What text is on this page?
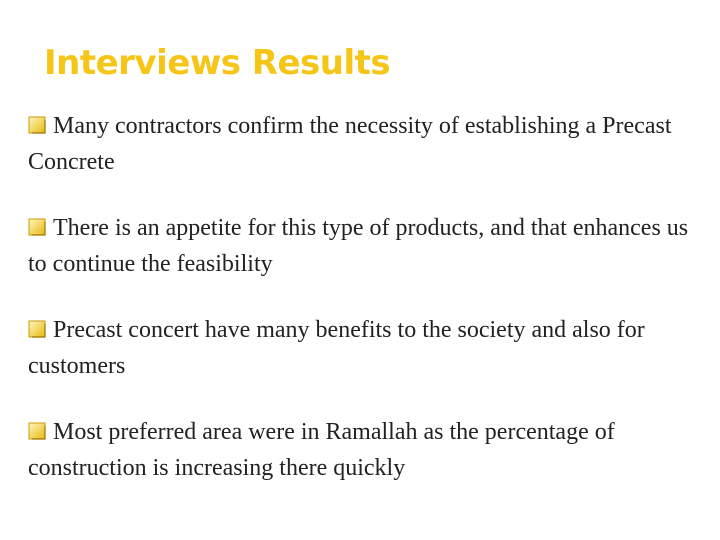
Interviews Results
Many contractors confirm the necessity of establishing a Precast Concrete
There is an appetite for this type of products, and that enhances us to continue the feasibility
Precast concert have many benefits to the society and also for customers
Most preferred area were in Ramallah as the percentage of construction is increasing there quickly
